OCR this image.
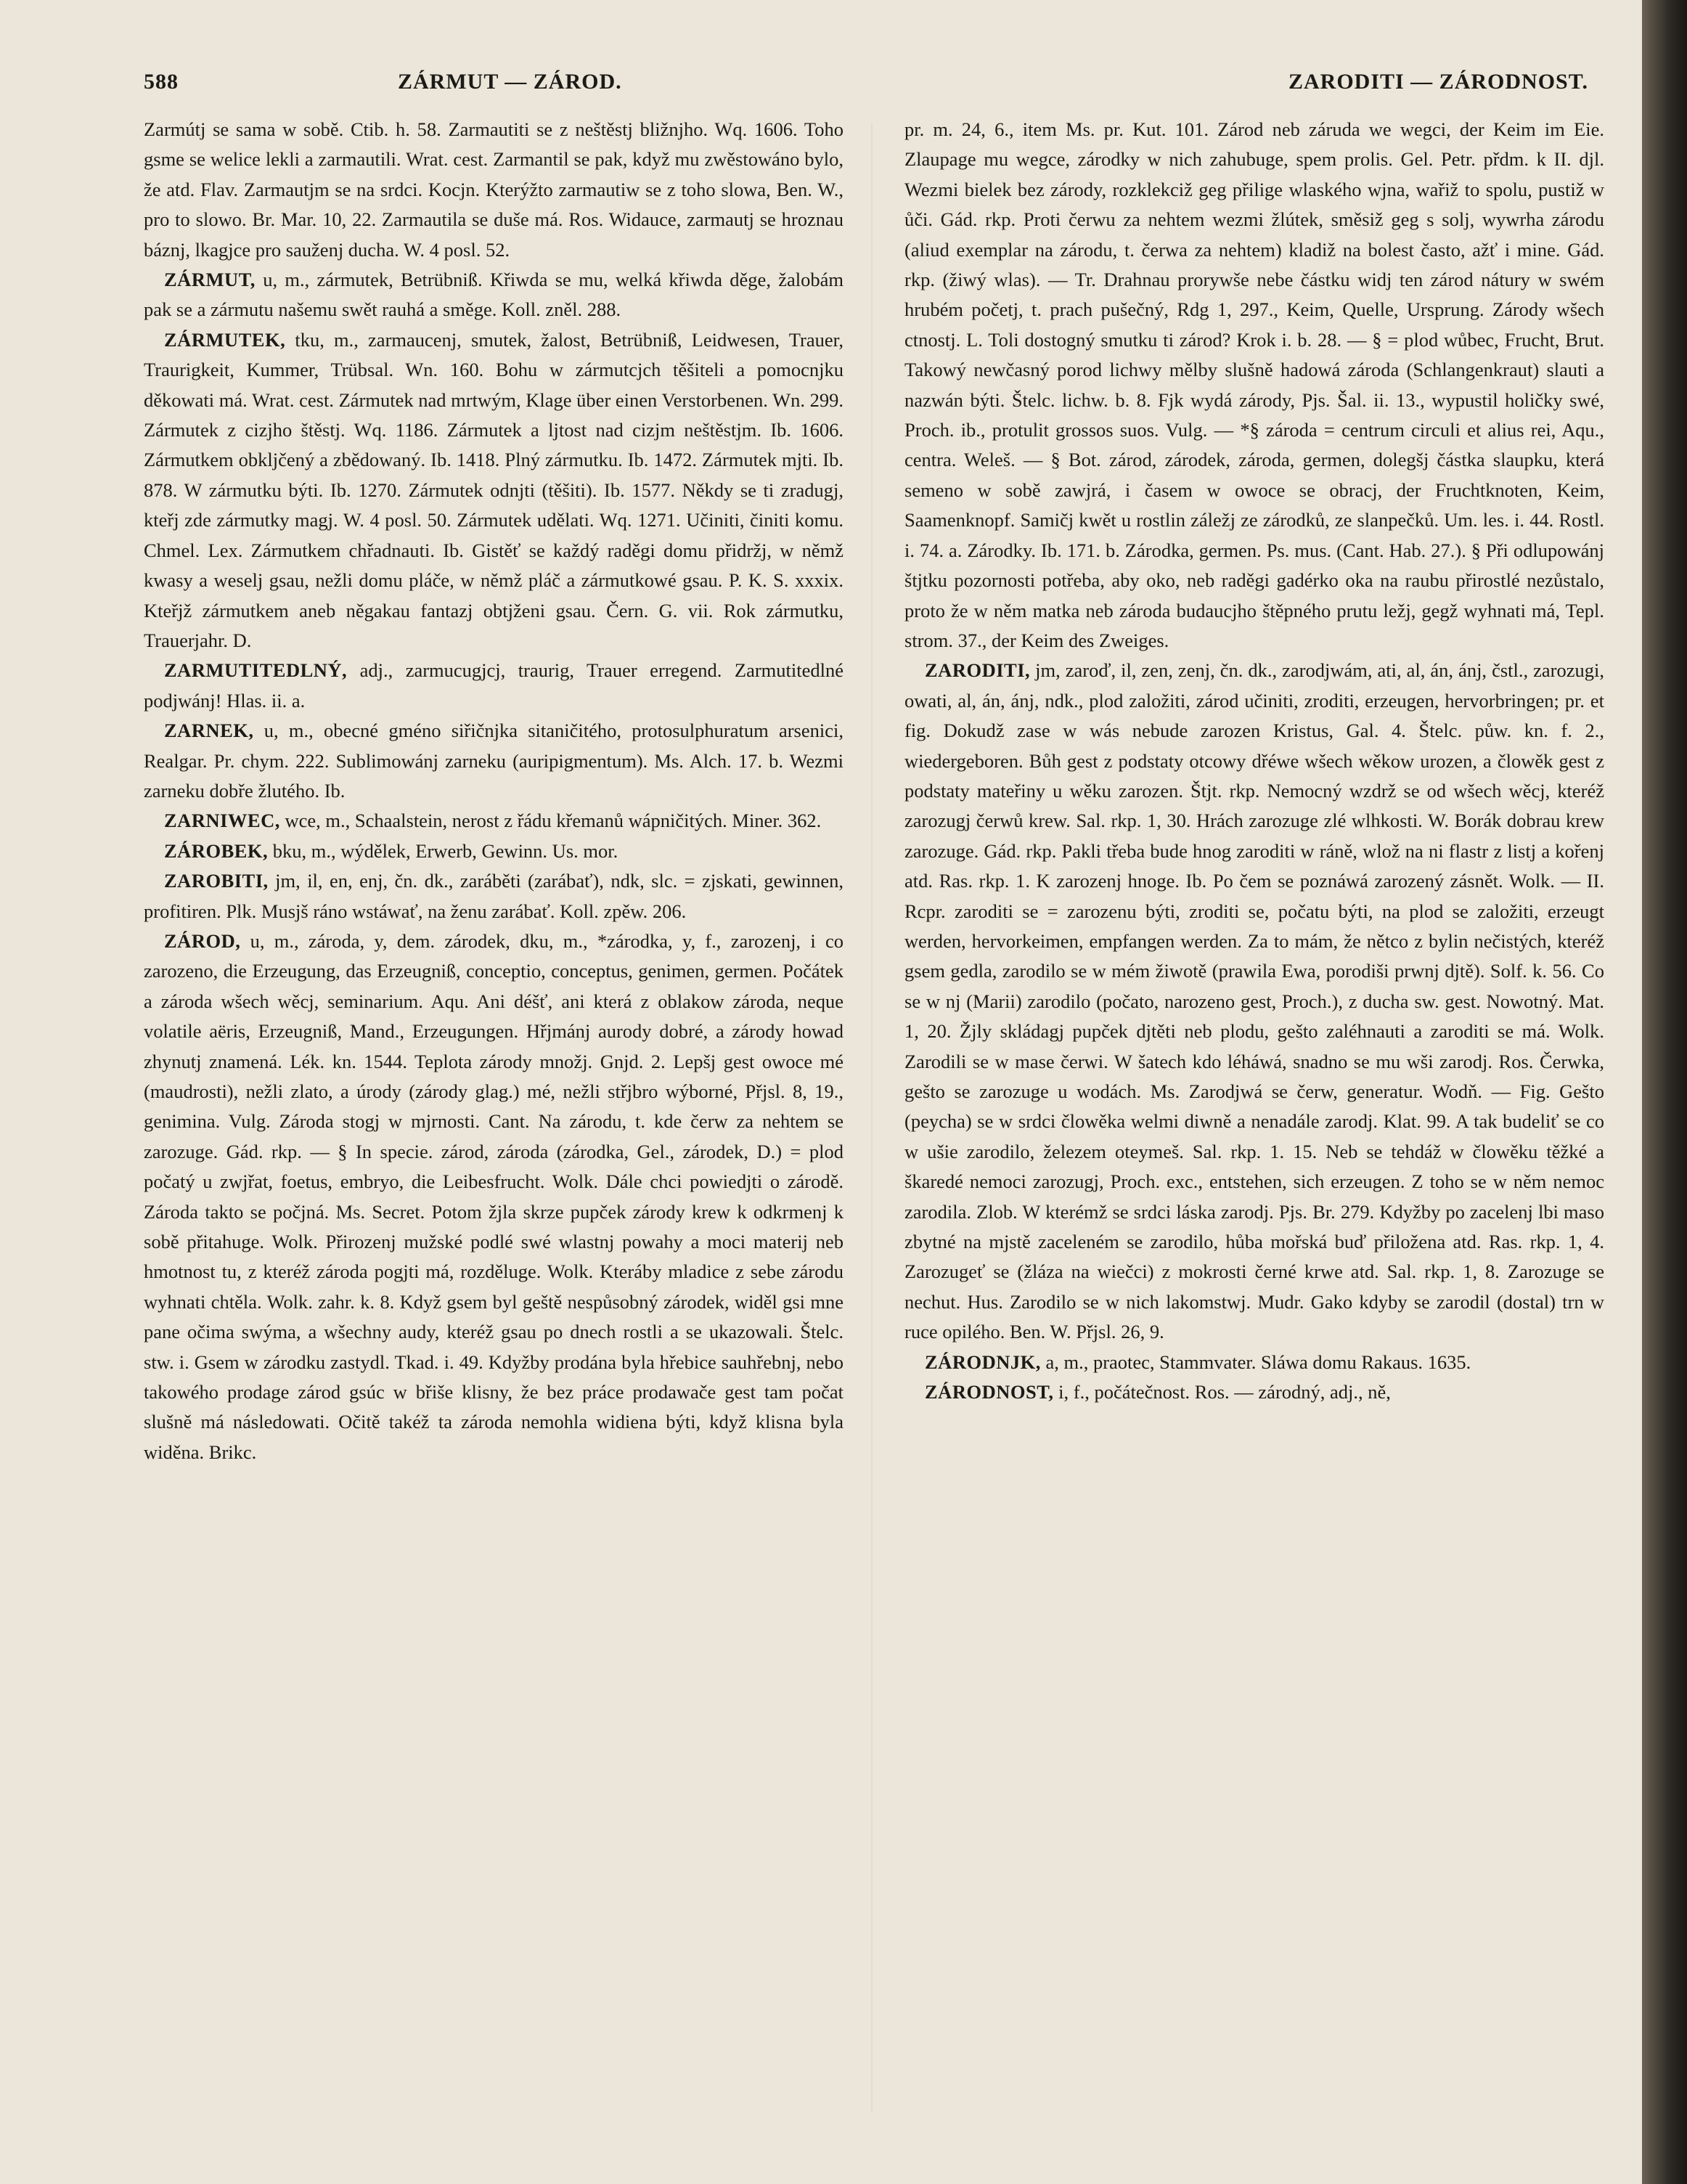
588	ZÁRMUT — ZÁROD.	ZARODITI — ZÁRODNOST.

Zarmútj se sama w sobě. Ctib. h. 58. Zarmautiti se z neštěstj bližnjho. Wq. 1606. Toho gsme se welice lekli a zarmautili. Wrat. cest. Zarmantil se pak, když mu zwěstowáno bylo, že atd. Flav. Zarmautjm se na srdci. Kocjn. Kterýžto zarmautiw se z toho slowa, Ben. W., pro to slowo. Br. Mar. 10, 22. Zarmautila se duše má. Ros. Widauce, zarmautj se hroznau báznj, lkagjce pro sauženj ducha. W. 4 posl. 52.

ZÁRMUT, u, m., zármutek, Betrübniß. Křiwda se mu, welká křiwda děge, žalobám pak se a zármutu našemu swět rauhá a směge. Koll. zněl. 288.

ZÁRMUTEK, tku, m., zarmaucenj, smutek, žalost, Betrübniß, Leidwesen, Trauer, Traurigkeit, Kummer, Trübsal. Wn. 160. Bohu w zármutcjch těšiteli a pomocnjku děkowati má. Wrat. cest. Zármutek nad mrtwým, Klage über einen Verstorbenen. Wn. 299. Zármutek z cizjho štěstj. Wq. 1186. Zármutek a ljtost nad cizjm neštěstjm. Ib. 1606. Zármutkem obkljčený a zbědowaný. Ib. 1418. Plný zármutku. Ib. 1472. Zármutek mjti. Ib. 878. W zármutku býti. Ib. 1270. Zármutek odnjti (těšiti). Ib. 1577. Někdy se ti zradugj, kteřj zde zármutky magj. W. 4 posl. 50. Zármutek udělati. Wq. 1271. Učiniti, činiti komu. Chmel. Lex. Zármutkem chřadnauti. Ib. Gistěť se každý raděgi domu přidržj, w němž kwasy a weselj gsau, nežli domu pláče, w němž pláč a zármutkowé gsau. P. K. S. xxxix. Kteřjž zármutkem aneb něgakau fantazj obtjženi gsau. Čern. G. vii. Rok zármutku, Trauerjahr. D.

ZARMUTITEDLNÝ, adj., zarmucugjcj, traurig, Trauer erregend. Zarmutitedlné podjwánj! Hlas. ii. a.

ZARNEK, u, m., obecné gméno siřičnjka sitaničitého, protosulphuratum arsenici, Realgar. Pr. chym. 222. Sublimowánj zarneku (auripigmentum). Ms. Alch. 17. b. Wezmi zarneku dobře žlutého. Ib.

ZARNIWEC, wce, m., Schaalstein, nerost z řádu křemanů wápničitých. Miner. 362.

ZÁROBEK, bku, m., wýdělek, Erwerb, Gewinn. Us. mor.

ZAROBITI, jm, il, en, enj, čn. dk., zaráběti (zarábať), ndk, slc. = zjskati, gewinnen, profitiren. Plk. Musjš ráno wstáwať, na ženu zarábať. Koll. zpěw. 206.

ZÁROD, u, m., zároda, y, dem. zárodek, dku, m., *zárodka, y, f., zarozenj, i co zarozeno, die Erzeugung, das Erzeugniß, conceptio, conceptus, genimen, germen. Počátek a zároda wšech wěcj, seminarium. Aqu. Ani déšť, ani která z oblakow zároda, neque volatile aëris, Erzeugniß, Mand., Erzeugungen. Hřjmánj aurody dobré, a zárody howad zhynutj znamená. Lék. kn. 1544. Teplota zárody množj. Gnjd. 2. Lepšj gest owoce mé (maudrosti), nežli zlato, a úrody (zárody glag.) mé, nežli střjbro wýborné, Přjsl. 8, 19., genimina. Vulg. Zároda stogj w mjrnosti. Cant. Na zárodu, t. kde čerw za nehtem se zarozuge. Gád. rkp. — § In specie. zárod, zároda (zárodka, Gel., zárodek, D.) = plod počatý u zwjřat, foetus, embryo, die Leibesfrucht. Wolk. Dále chci powiedjti o zárodě. Zároda takto se počjná. Ms. Secret. Potom žjla skrze pupček zárody krew k odkrmenj k sobě přitahuge. Wolk. Přirozenj mužské podlé swé wlastnj powahy a moci materij neb hmotnost tu, z kteréž zároda pogjti má, rozděluge. Wolk. Kteráby mladice z sebe zárodu wyhnati chtěla. Wolk. zahr. k. 8. Když gsem byl geště nespůsobný zárodek, widěl gsi mne pane očima swýma, a wšechny audy, kteréž gsau po dnech rostli a se ukazowali. Štelc. stw. i. Gsem w zárodku zastydl. Tkad. i. 49. Kdyžby prodána byla hřebice sauhřebnj, nebo takowého prodage zárod gsúc w břiše klisny, že bez práce prodawače gest tam počat slušně má následowati. Očitě takéž ta zároda nemohla widiena býti, když klisna byla widěna. Brikc.

pr. m. 24, 6., item Ms. pr. Kut. 101. Zárod neb záruda we wegci, der Keim im Eie. Zlaupage mu wegce, zárodky w nich zahubuge, spem prolis. Gel. Petr. přdm. k II. djl. Wezmi bielek bez zárody, rozklekciž geg přilige wlaského wjna, wařiž to spolu, pustiž w ůči. Gád. rkp. Proti čerwu za nehtem wezmi žlútek, směsiž geg s solj, wywrha zárodu (aliud exemplar na zárodu, t. čerwa za nehtem) kladiž na bolest často, ažť i mine. Gád. rkp. (žiwý wlas). — Tr. Drahnau prorywše nebe částku widj ten zárod nátury w swém hrubém početj, t. prach pušečný, Rdg 1, 297., Keim, Quelle, Ursprung. Zárody wšech ctnostj. L. Toli dostogný smutku ti zárod? Krok i. b. 28. — § = plod wůbec, Frucht, Brut. Takowý newčasný porod lichwy mělby slušně hadowá zároda (Schlangenkraut) slauti a nazwán býti. Štelc. lichw. b. 8. Fjk wydá zárody, Pjs. Šal. ii. 13., wypustil holičky swé, Proch. ib., protulit grossos suos. Vulg. — *§ zároda = centrum circuli et alius rei, Aqu., centra. Weleš. — § Bot. zárod, zárodek, zároda, germen, dolegšj částka slaupku, která semeno w sobě zawjrá, i časem w owoce se obracj, der Fruchtknoten, Keim, Saamenknopf. Samičj kwět u rostlin záležj ze zárodků, ze slanpečků. Um. les. i. 44. Rostl. i. 74. a. Zárodky. Ib. 171. b. Zárodka, germen. Ps. mus. (Cant. Hab. 27.). § Při odlupowánj štjtku pozornosti potřeba, aby oko, neb raděgi gadérko oka na raubu přirostlé nezůstalo, proto že w něm matka neb zároda budaucjho štěpného prutu ležj, gegž wyhnati má, Tepl. strom. 37., der Keim des Zweiges.

ZARODITI, jm, zaroď, il, zen, zenj, čn. dk., zarodjwám, ati, al, án, ánj, čstl., zarozugi, owati, al, án, ánj, ndk., plod založiti, zárod učiniti, zroditi, erzeugen, hervorbringen; pr. et fig. Dokudž zase w wás nebude zarozen Kristus, Gal. 4. Štelc. půw. kn. f. 2., wiedergeboren. Bůh gest z podstaty otcowy dřéwe wšech wěkow urozen, a člowěk gest z podstaty mateřiny u wěku zarozen. Štjt. rkp. Nemocný wzdrž se od wšech wěcj, kteréž zarozugj čerwů krew. Sal. rkp. 1, 30. Hrách zarozuge zlé wlhkosti. W. Borák dobrau krew zarozuge. Gád. rkp. Pakli třeba bude hnog zaroditi w ráně, wlož na ni flastr z listj a kořenj atd. Ras. rkp. 1. K zarozenj hnoge. Ib. Po čem se poznáwá zarozený zásnět. Wolk. — II. Rcpr. zaroditi se = zarozenu býti, zroditi se, počatu býti, na plod se založiti, erzeugt werden, hervorkeimen, empfangen werden. Za to mám, že nětco z bylin nečistých, kteréž gsem gedla, zarodilo se w mém žiwotě (prawila Ewa, porodiši prwnj djtě). Solf. k. 56. Co se w nj (Marii) zarodilo (počato, narozeno gest, Proch.), z ducha sw. gest. Nowotný. Mat. 1, 20. Žjly skládagj pupček djtěti neb plodu, gešto zaléhnauti a zaroditi se má. Wolk. Zarodili se w mase čerwi. W šatech kdo léháwá, snadno se mu wši zarodj. Ros. Čerwka, gešto se zarozuge u wodách. Ms. Zarodjwá se čerw, generatur. Wodň. — Fig. Gešto (peycha) se w srdci člowěka welmi diwně a nenadále zarodj. Klat. 99. A tak budeliť se co w ušie zarodilo, železem oteymeš. Sal. rkp. 1. 15. Neb se tehdáž w člowěku těžké a škaredé nemoci zarozugj, Proch. exc., entstehen, sich erzeugen. Z toho se w něm nemoc zarodila. Zlob. W kterémž se srdci láska zarodj. Pjs. Br. 279. Kdyžby po zacelenj lbi maso zbytné na mjstě zaceleném se zarodilo, hůba mořská buď přiložena atd. Ras. rkp. 1, 4. Zarozugeť se (žláza na wiečci) z mokrosti černé krwe atd. Sal. rkp. 1, 8. Zarozuge se nechut. Hus. Zarodilo se w nich lakomstwj. Mudr. Gako kdyby se zarodil (dostal) trn w ruce opilého. Ben. W. Přjsl. 26, 9.

ZÁRODNJK, a, m., praotec, Stammvater. Sláwa domu Rakaus. 1635.

ZÁRODNOST, i, f., počátečnost. Ros. — zárodný, adj., ně,
